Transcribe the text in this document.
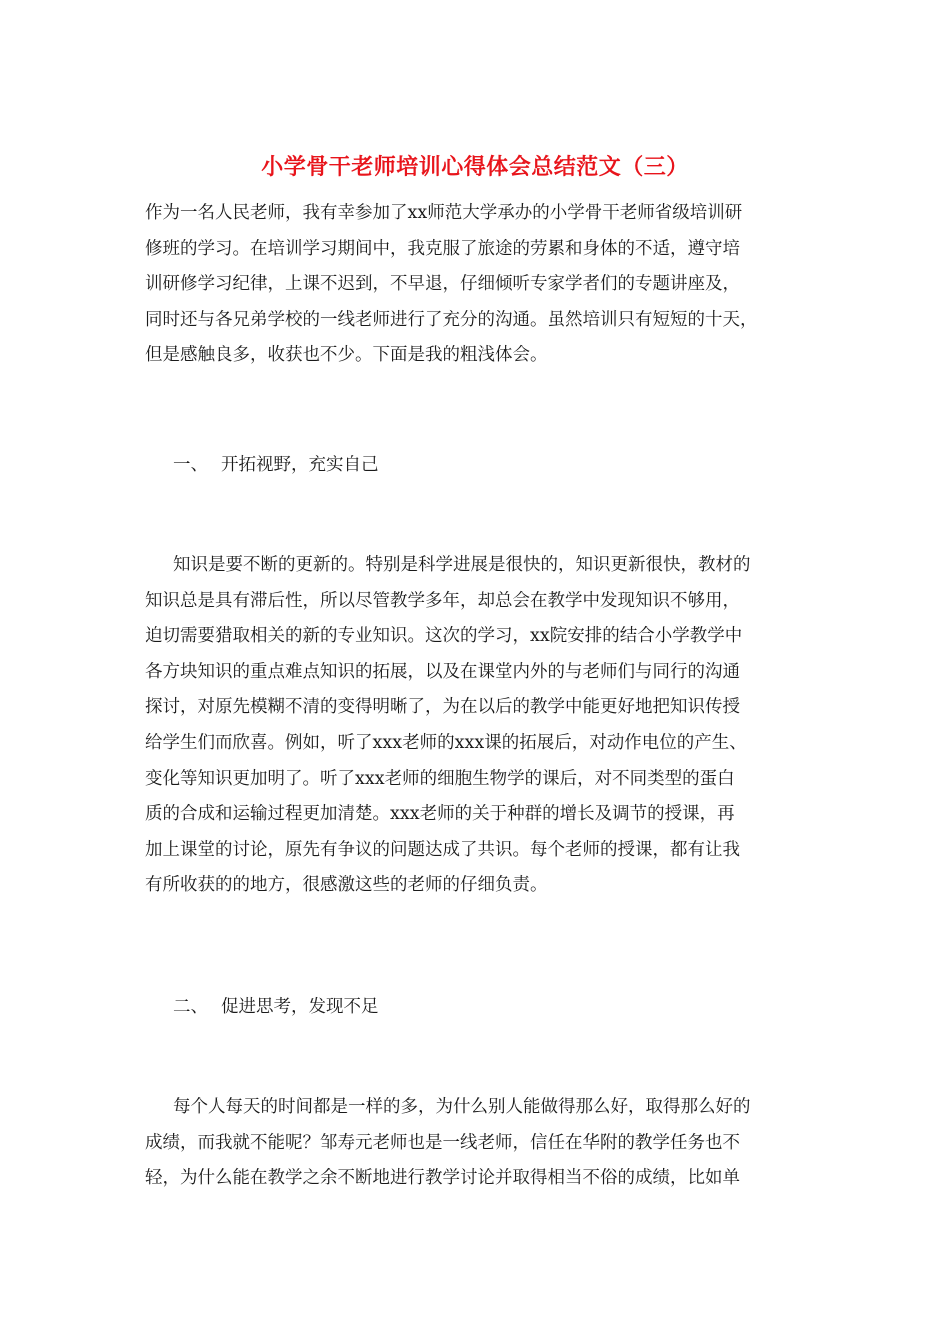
小学骨干老师培训心得体会总结范文（三）
作为一名人民老师，我有幸参加了xx师范大学承办的小学骨干老师省级培训研
修班的学习。在培训学习期间中，我克服了旅途的劳累和身体的不适，遵守培
训研修学习纪律，上课不迟到，不早退，仔细倾听专家学者们的专题讲座及，
同时还与各兄弟学校的一线老师进行了充分的沟通。虽然培训只有短短的十天，
但是感触良多，收获也不少。下面是我的粗浅体会。
一、 开拓视野，充实自己
知识是要不断的更新的。特别是科学进展是很快的，知识更新很快，教材的
知识总是具有滞后性，所以尽管教学多年，却总会在教学中发现知识不够用，
迫切需要猎取相关的新的专业知识。这次的学习，xx院安排的结合小学教学中
各方块知识的重点难点知识的拓展，以及在课堂内外的与老师们与同行的沟通
探讨，对原先模糊不清的变得明晰了，为在以后的教学中能更好地把知识传授
给学生们而欣喜。例如，听了xxx老师的xxx课的拓展后，对动作电位的产生、
变化等知识更加明了。听了xxx老师的细胞生物学的课后，对不同类型的蛋白
质的合成和运输过程更加清楚。xxx老师的关于种群的增长及调节的授课，再
加上课堂的讨论，原先有争议的问题达成了共识。每个老师的授课，都有让我
有所收获的的地方，很感激这些的老师的仔细负责。
二、 促进思考，发现不足
每个人每天的时间都是一样的多，为什么别人能做得那么好，取得那么好的
成绩，而我就不能呢？邹寿元老师也是一线老师，信任在华附的教学任务也不
轻，为什么能在教学之余不断地进行教学讨论并取得相当不俗的成绩，比如单
